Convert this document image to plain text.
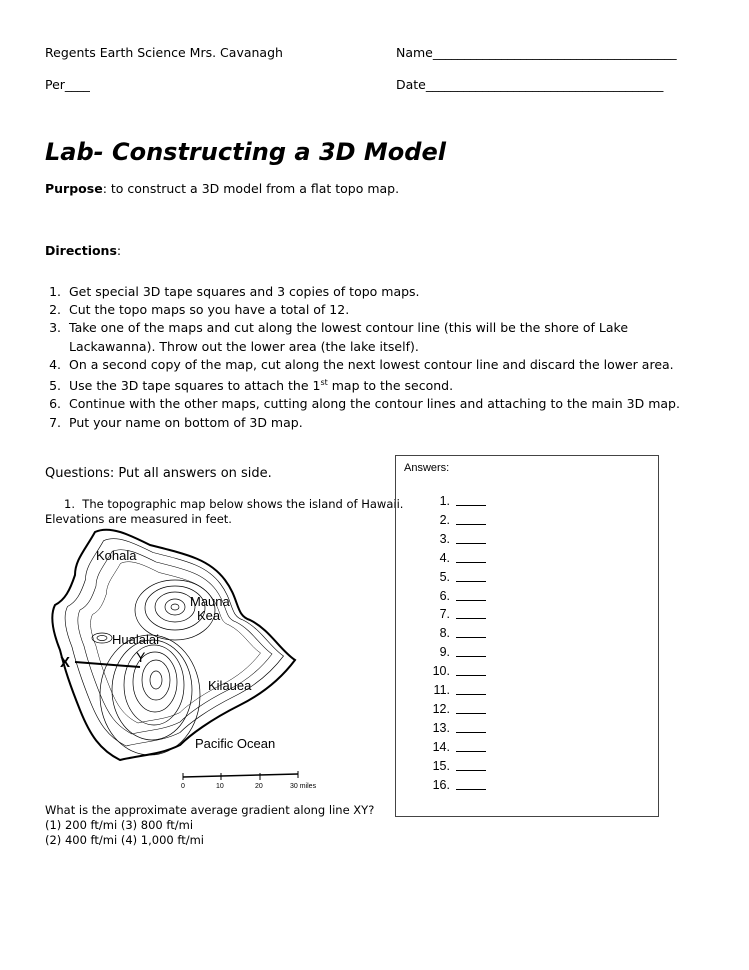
Regents Earth Science Mrs. Cavanagh	Name_______________________________________
Per____	Date______________________________________
Lab- Constructing a 3D Model
Purpose: to construct a 3D model from a flat topo map.
Directions:
1. Get special 3D tape squares and 3 copies of topo maps.
2. Cut the topo maps so you have a total of 12.
3. Take one of the maps and cut along the lowest contour line (this will be the shore of Lake Lackawanna). Throw out the lower area (the lake itself).
4. On a second copy of the map, cut along the next lowest contour line and discard the lower area.
5. Use the 3D tape squares to attach the 1st map to the second.
6. Continue with the other maps, cutting along the contour lines and attaching to the main 3D map.
7. Put your name on bottom of 3D map.
Questions: Put all answers on side.
1. The topographic map below shows the island of Hawaii.
Elevations are measured in feet.
Kohala
Mauna
Kea
Hualalai
X	Y
Kilauea
Pacific Ocean
0	10	20	30 miles
What is the approximate average gradient along line XY?
(1) 200 ft/mi (3) 800 ft/mi
(2) 400 ft/mi (4) 1,000 ft/mi
Answers:
1.
2.
3.
4.
5.
6.
7.
8.
9.
10.
11.
12.
13.
14.
15.
16.
